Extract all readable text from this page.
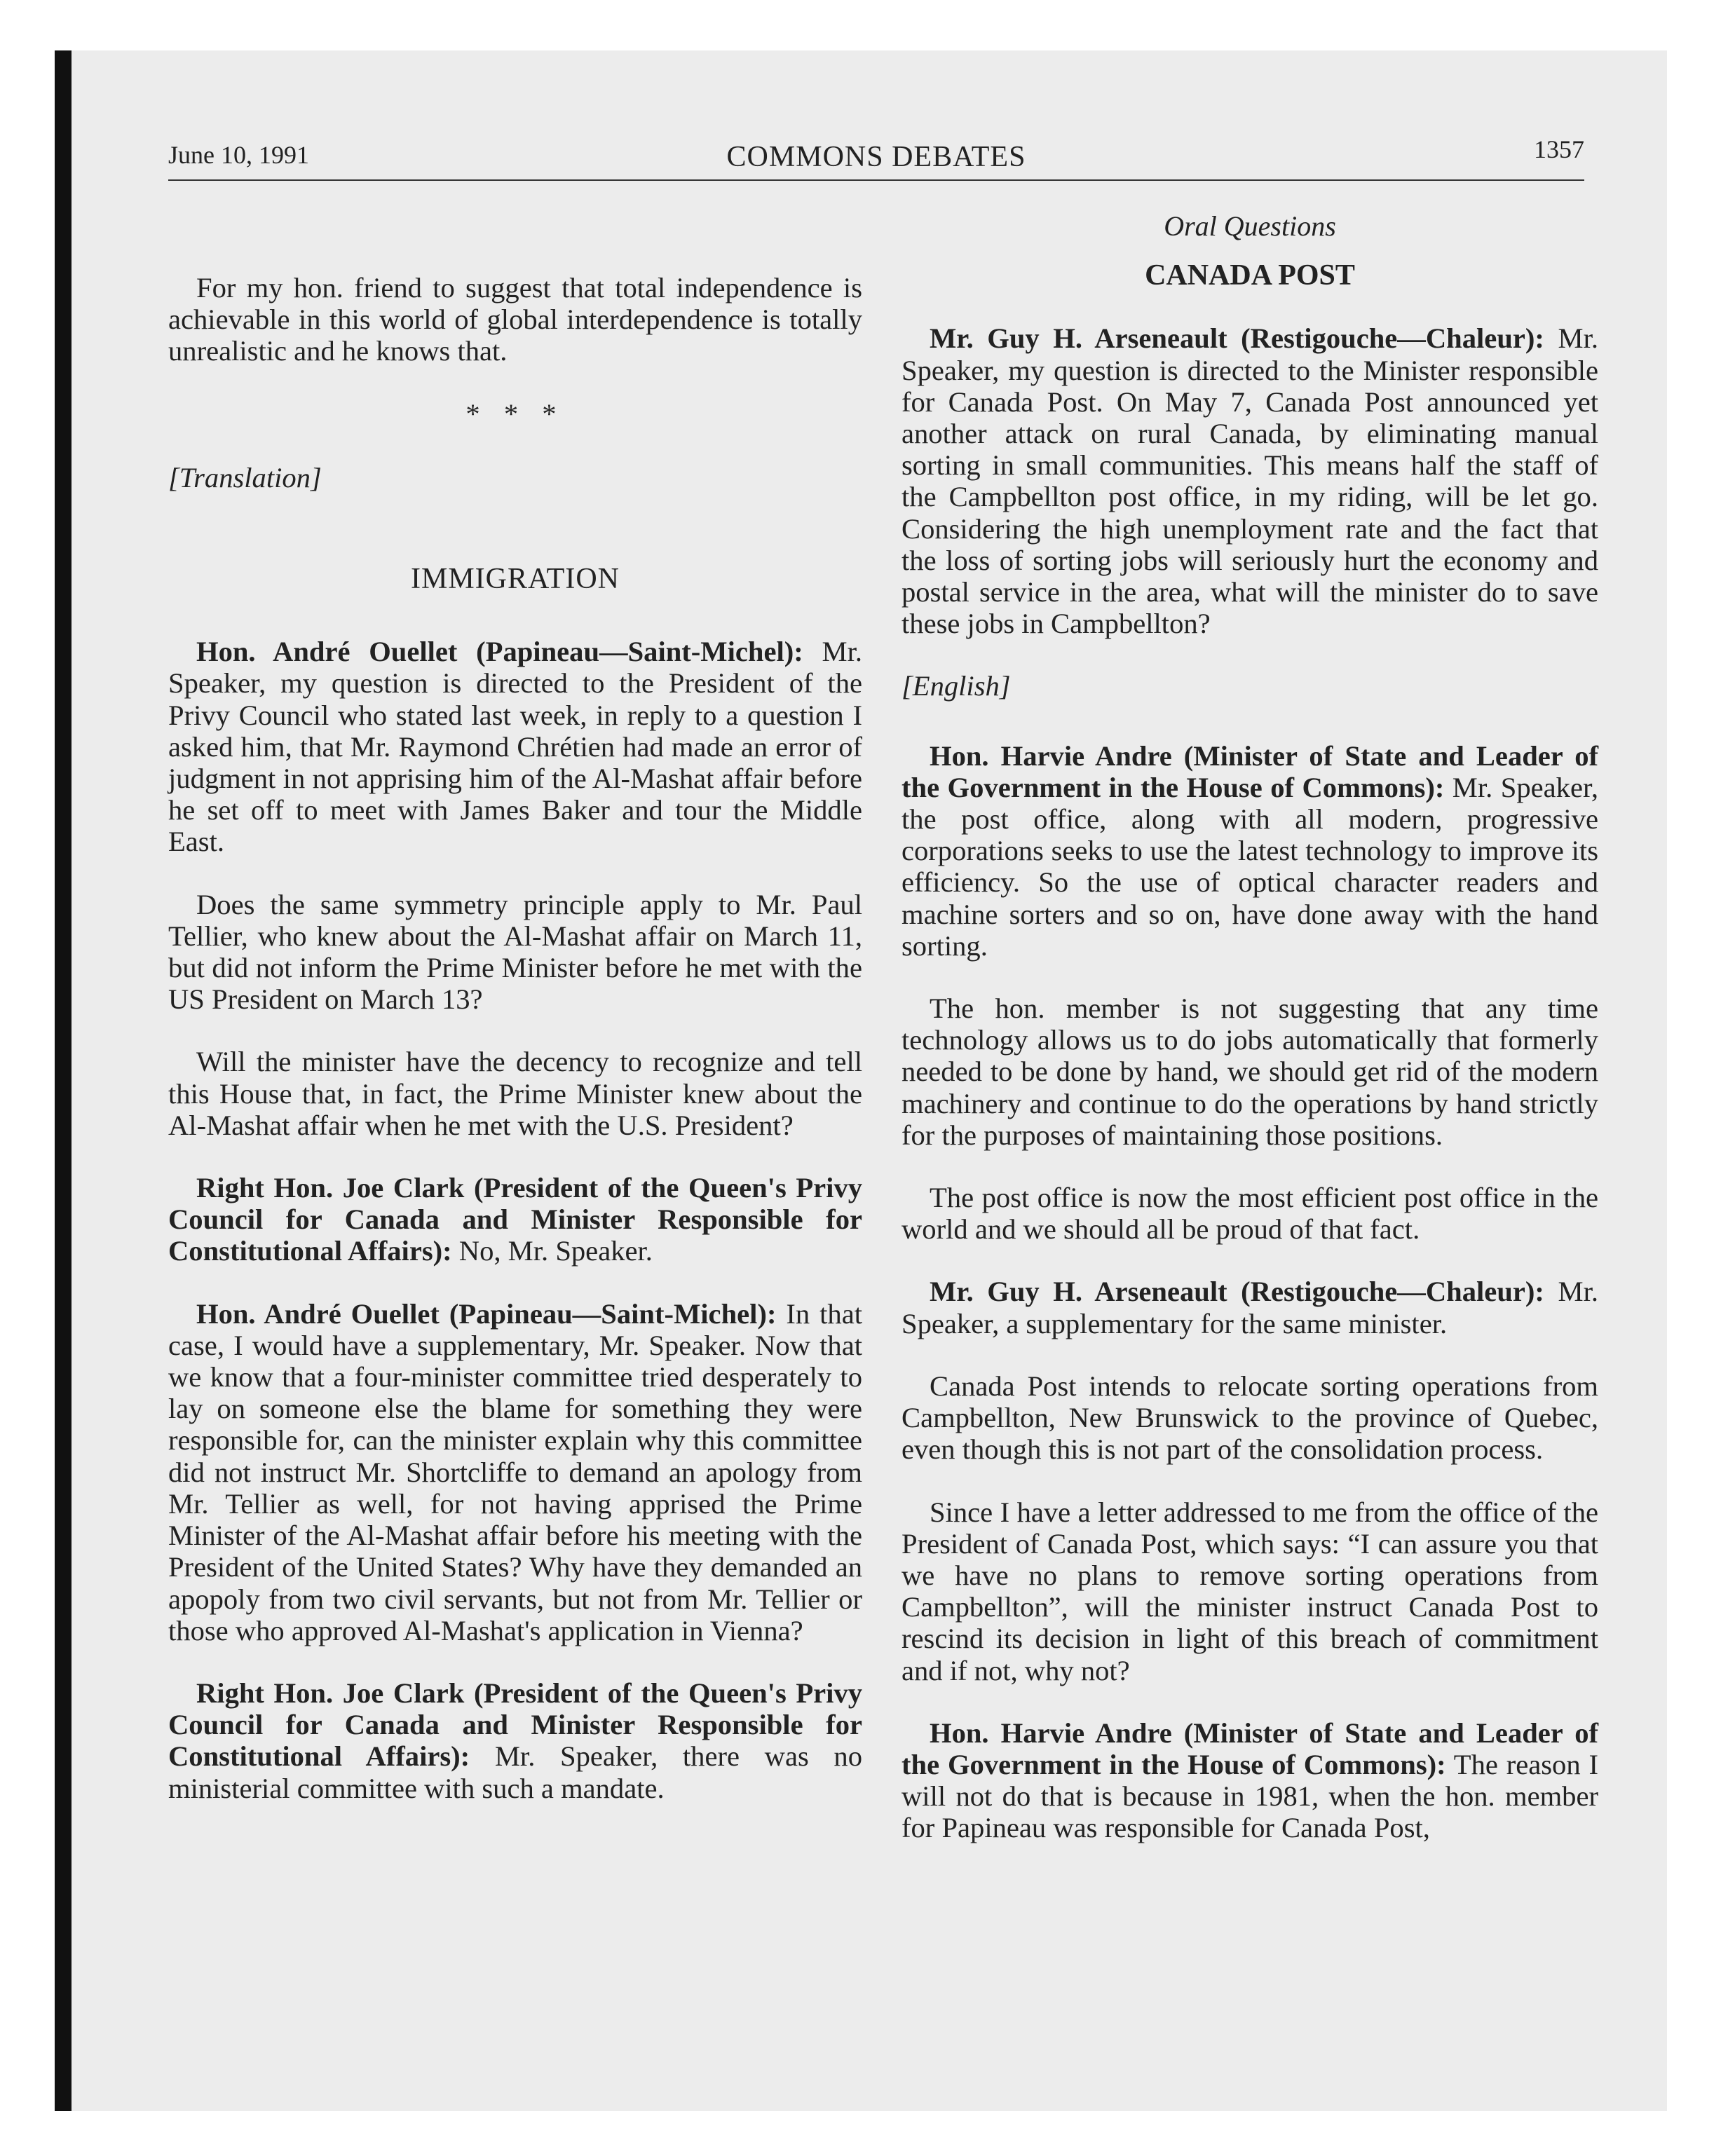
June 10, 1991	COMMONS DEBATES	1357

For my hon. friend to suggest that total independence is achievable in this world of global interdependence is totally unrealistic and he knows that.

* * *
[Translation]
IMMIGRATION

Hon. André Ouellet (Papineau—Saint-Michel): Mr. Speaker, my question is directed to the President of the Privy Council who stated last week, in reply to a question I asked him, that Mr. Raymond Chrétien had made an error of judgment in not apprising him of the Al-Mashat affair before he set off to meet with James Baker and tour the Middle East.

Does the same symmetry principle apply to Mr. Paul Tellier, who knew about the Al-Mashat affair on March 11, but did not inform the Prime Minister before he met with the US President on March 13?

Will the minister have the decency to recognize and tell this House that, in fact, the Prime Minister knew about the Al-Mashat affair when he met with the U.S. President?

Right Hon. Joe Clark (President of the Queen's Privy Council for Canada and Minister Responsible for Constitutional Affairs): No, Mr. Speaker.

Hon. André Ouellet (Papineau—Saint-Michel): In that case, I would have a supplementary, Mr. Speaker. Now that we know that a four-minister committee tried desperately to lay on someone else the blame for something they were responsible for, can the minister explain why this committee did not instruct Mr. Shortcliffe to demand an apology from Mr. Tellier as well, for not having apprised the Prime Minister of the Al-Mashat affair before his meeting with the President of the United States? Why have they demanded an apopoly from two civil servants, but not from Mr. Tellier or those who approved Al-Mashat's application in Vienna?

Right Hon. Joe Clark (President of the Queen's Privy Council for Canada and Minister Responsible for Constitutional Affairs): Mr. Speaker, there was no ministerial committee with such a mandate.

Oral Questions
CANADA POST

Mr. Guy H. Arseneault (Restigouche—Chaleur): Mr. Speaker, my question is directed to the Minister responsible for Canada Post. On May 7, Canada Post announced yet another attack on rural Canada, by eliminating manual sorting in small communities. This means half the staff of the Campbellton post office, in my riding, will be let go. Considering the high unemployment rate and the fact that the loss of sorting jobs will seriously hurt the economy and postal service in the area, what will the minister do to save these jobs in Campbellton?

[English]

Hon. Harvie Andre (Minister of State and Leader of the Government in the House of Commons): Mr. Speaker, the post office, along with all modern, progressive corporations seeks to use the latest technology to improve its efficiency. So the use of optical character readers and machine sorters and so on, have done away with the hand sorting.

The hon. member is not suggesting that any time technology allows us to do jobs automatically that formerly needed to be done by hand, we should get rid of the modern machinery and continue to do the operations by hand strictly for the purposes of maintaining those positions.

The post office is now the most efficient post office in the world and we should all be proud of that fact.

Mr. Guy H. Arseneault (Restigouche—Chaleur): Mr. Speaker, a supplementary for the same minister.

Canada Post intends to relocate sorting operations from Campbellton, New Brunswick to the province of Quebec, even though this is not part of the consolidation process.

Since I have a letter addressed to me from the office of the President of Canada Post, which says: “I can assure you that we have no plans to remove sorting operations from Campbellton”, will the minister instruct Canada Post to rescind its decision in light of this breach of commitment and if not, why not?

Hon. Harvie Andre (Minister of State and Leader of the Government in the House of Commons): The reason I will not do that is because in 1981, when the hon. member for Papineau was responsible for Canada Post,
